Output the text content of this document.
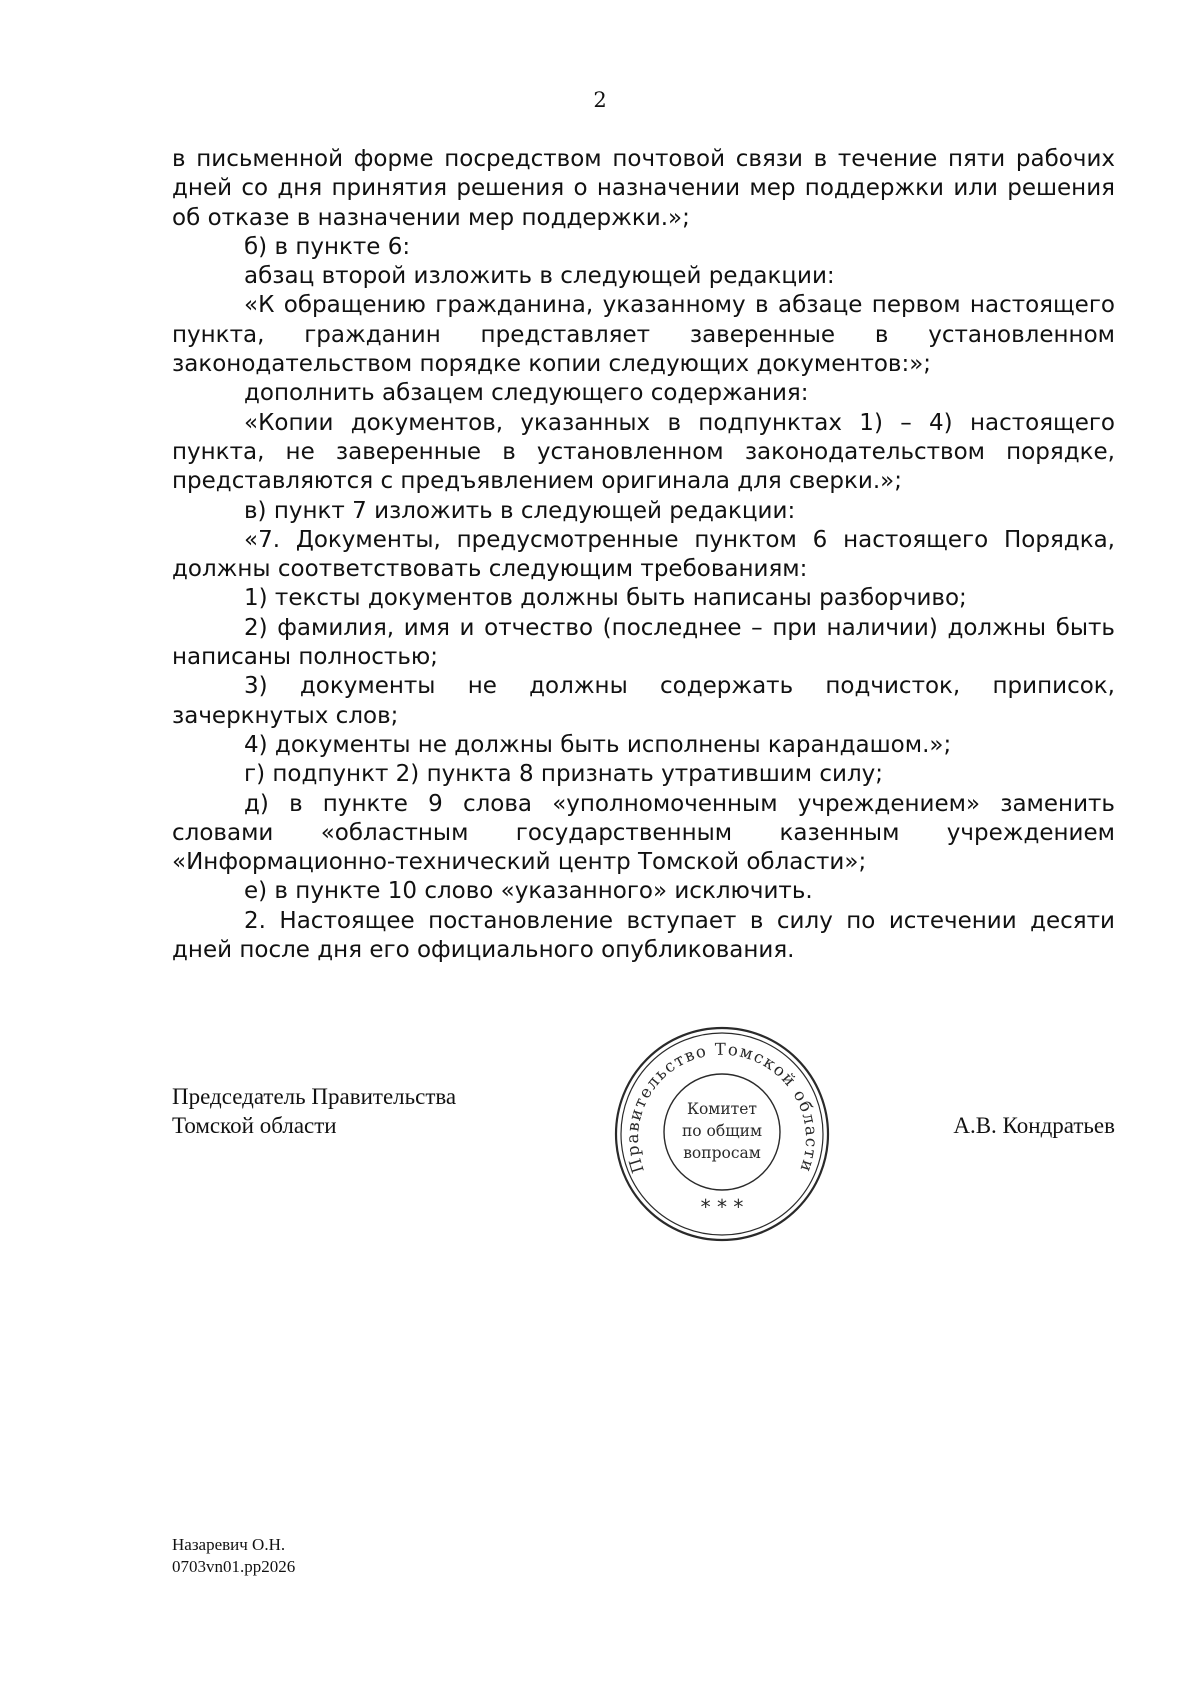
2

в письменной форме посредством почтовой связи в течение пяти рабочих дней со дня принятия решения о назначении мер поддержки или решения об отказе в назначении мер поддержки.»;

б) в пункте 6:

абзац второй изложить в следующей редакции:

«К обращению гражданина, указанному в абзаце первом настоящего пункта, гражданин представляет заверенные в установленном законодательством порядке копии следующих документов:»;

дополнить абзацем следующего содержания:

«Копии документов, указанных в подпунктах 1) – 4) настоящего пункта, не заверенные в установленном законодательством порядке, представляются с предъявлением оригинала для сверки.»;

в) пункт 7 изложить в следующей редакции:

«7. Документы, предусмотренные пунктом 6 настоящего Порядка, должны соответствовать следующим требованиям:

1) тексты документов должны быть написаны разборчиво;

2) фамилия, имя и отчество (последнее – при наличии) должны быть написаны полностью;

3) документы не должны содержать подчисток, приписок, зачеркнутых слов;

4) документы не должны быть исполнены карандашом.»;

г) подпункт 2) пункта 8 признать утратившим силу;

д) в пункте 9 слова «уполномоченным учреждением» заменить словами «областным государственным казенным учреждением «Информационно-технический центр Томской области»;

е) в пункте 10 слово «указанного» исключить.

2. Настоящее постановление вступает в силу по истечении десяти дней после дня его официального опубликования.

Председатель Правительства
Томской области
Правительство Томской области
Комитет
по общим
вопросам
* * *
А.В. Кондратьев
Назаревич О.Н.
0703vn01.pp2026
